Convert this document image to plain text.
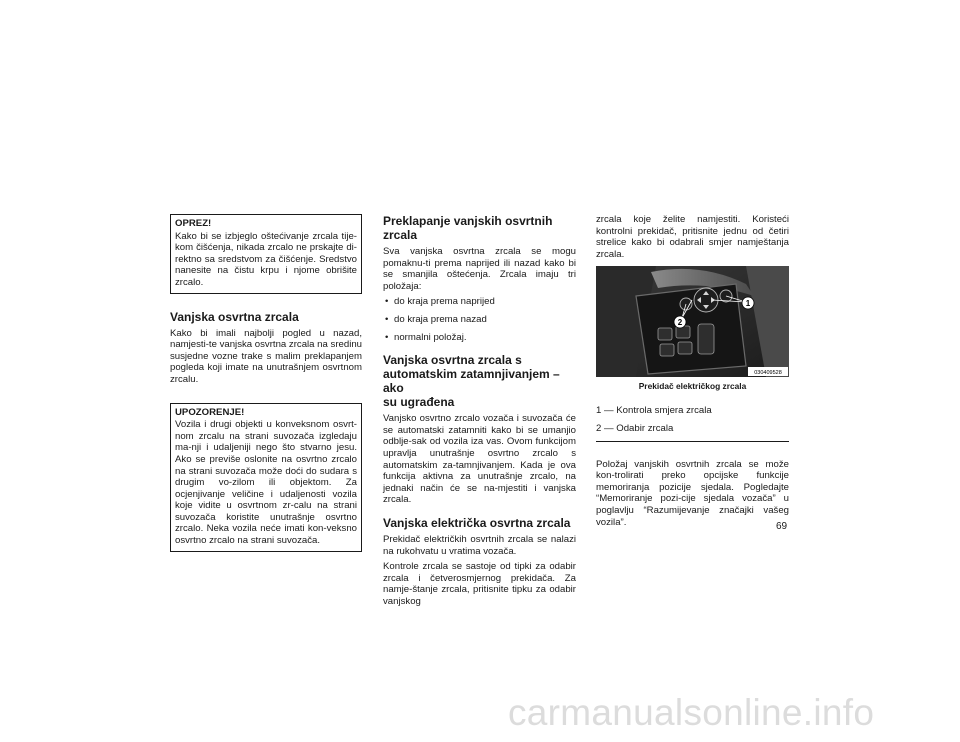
OPREZ!

Kako bi se izbjeglo oštećivanje zrcala tije-kom čišćenja, nikada zrcalo ne prskajte di-rektno sa sredstvom za čišćenje. Sredstvo nanesite na čistu krpu i njome obrišite zrcalo.

Vanjska osvrtna zrcala

Kako bi imali najbolji pogled u nazad, namjesti-te vanjska osvrtna zrcala na sredinu susjedne vozne trake s malim preklapanjem pogleda koji imate na unutrašnjem osvrtnom zrcalu.

UPOZORENJE!

Vozila i drugi objekti u konveksnom osvrt-nom zrcalu na strani suvozača izgledaju ma-nji i udaljeniji nego što stvarno jesu. Ako se previše oslonite na osvrtno zrcalo na strani suvozača može doći do sudara s drugim vo-zilom ili objektom. Za ocjenjivanje veličine i udaljenosti vozila koje vidite u osvrtnom zr-calu na strani suvozača koristite unutrašnje osvrtno zrcalo. Neka vozila neće imati kon-veksno osvrtno zrcalo na strani suvozača.

Preklapanje vanjskih osvrtnih zrcala

Sva vanjska osvrtna zrcala se mogu pomaknu-ti prema naprijed ili nazad kako bi se smanjila oštećenja. Zrcala imaju tri položaja:

• do kraja prema naprijed
• do kraja prema nazad
• normalni položaj.
Vanjska osvrtna zrcala s
automatskim zatamnjivanjem – ako
su ugrađena

Vanjsko osvrtno zrcalo vozača i suvozača će se automatski zatamniti kako bi se umanjio odblje-sak od vozila iza vas. Ovom funkcijom upravlja unutrašnje osvrtno zrcalo s automatskim za-tamnjivanjem. Kada je ova funkcija aktivna za unutrašnje zrcalo, na jednaki način će se na-mjestiti i vanjska zrcala.

Vanjska električka osvrtna zrcala

Prekidač električkih osvrtnih zrcala se nalazi na rukohvatu u vratima vozača.

Kontrole zrcala se sastoje od tipki za odabir zrcala i četverosmjernog prekidača. Za namje-štanje zrcala, pritisnite tipku za odabir vanjskog

zrcala koje želite namjestiti. Koristeći kontrolni prekidač, pritisnite jednu od četiri strelice kako bi odabrali smjer namještanja zrcala.

1
2
030409528
Prekidač električkog zrcala
1 — Kontrola smjera zrcala
2 — Odabir zrcala

Položaj vanjskih osvrtnih zrcala se može kon-trolirati preko opcijske funkcije memoriranja pozicije sjedala. Pogledajte “Memoriranje pozi-cije sjedala vozača” u poglavlju “Razumijevanje značajki vašeg vozila”.	69
carmanualsonline.info
